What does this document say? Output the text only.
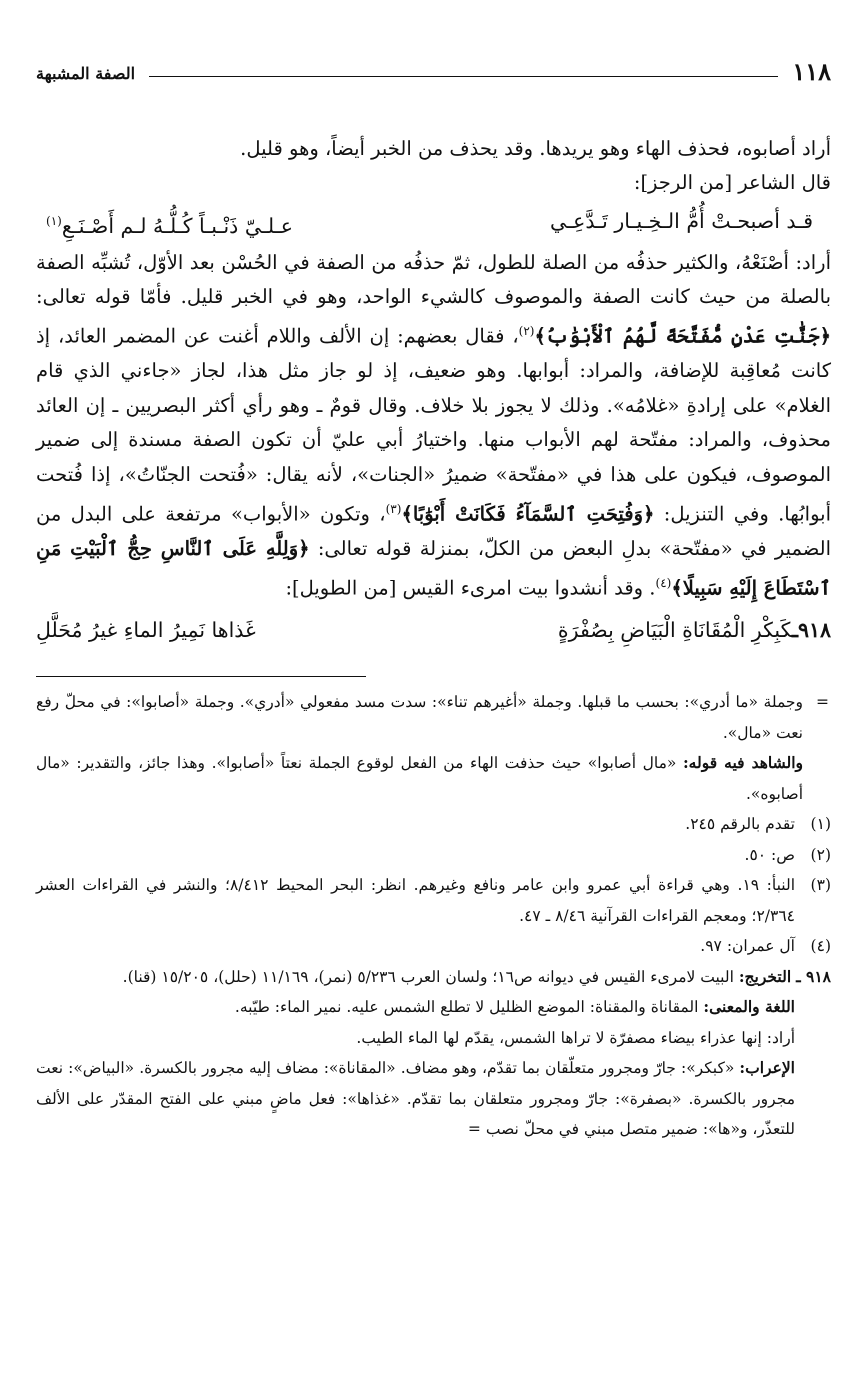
١١٨
الصفة المشبهة

أراد أصابوه، فحذف الهاء وهو يريدها. وقد يحذف من الخبر أيضاً، وهو قليل.

قال الشاعر [من الرجز]:

قـد أصبحـتْ أُمُّ الـخِـيـار تَـدَّعِـي
عـلـيّ ذَنْـبـاً كُـلُّـهُ لـم أَصْـنَـعِ$^{(١)}$

أراد: أصْنَعْهُ، والكثير حذفُه من الصلة للطول، ثمّ حذفُه من الصفة في الحُسْن بعد الأوّل، تُشبِّه الصفة بالصلة من حيث كانت الصفة والموصوف كالشيء الواحد، وهو في الخبر قليل. فأمّا قوله تعالى: ﴿جَنَّٰتِ عَدْنٍ مُّفَتَّحَةً لَّهُمُ ٱلْأَبْوَٰبُ﴾$^{(٢)}$، فقال بعضهم: إن الألف واللام أغنت عن المضمر العائد، إذ كانت مُعاقِبة للإضافة، والمراد: أبوابها. وهو ضعيف، إذ لو جاز مثل هذا، لجاز «جاءني الذي قام الغلام» على إرادةِ «غلامُه». وذلك لا يجوز بلا خلاف. وقال قومٌ ـ وهو رأي أكثر البصريين ـ إن العائد محذوف، والمراد: مفتّحة لهم الأبواب منها. واختيارُ أبي عليّ أن تكون الصفة مسندة إلى ضمير الموصوف، فيكون على هذا في «مفتّحة» ضميرُ «الجنات»، لأنه يقال: «فُتحت الجنّاتُ»، إذا فُتحت أبوابُها. وفي التنزيل: ﴿وَفُتِحَتِ ٱلسَّمَآءُ فَكَانَتْ أَبْوَٰبًا﴾$^{(٣)}$، وتكون «الأبواب» مرتفعة على البدل من الضمير في «مفتّحة» بدلِ البعض من الكلّ، بمنزلة قوله تعالى: ﴿وَلِلَّهِ عَلَى ٱلنَّاسِ حِجُّ ٱلْبَيْتِ مَنِ ٱسْتَطَاعَ إِلَيْهِ سَبِيلًا﴾$^{(٤)}$. وقد أنشدوا بيت امرىء القيس [من الطويل]:

٩١٨ـكَبِكْرِ الْمُقَانَاةِ الْبَيَاضِ بِصُفْرَةٍ
غَذاها نَمِيرُ الماءِ غيرُ مُحَلَّلِ

=
وجملة «ما أدري»: بحسب ما قبلها. وجملة «أغيرهم تناء»: سدت مسد مفعولي «أدري». وجملة «أصابوا»: في محلّ رفع نعت «مال».

والشاهد فيه قوله: «مال أصابوا» حيث حذفت الهاء من الفعل لوقوع الجملة نعتاً «أصابوا». وهذا جائز، والتقدير: «مال أصابوه».

(١)
تقدم بالرقم ٢٤٥.
(٢)
ص: ٥٠.
(٣)
النبأ: ١٩. وهي قراءة أبي عمرو وابن عامر ونافع وغيرهم. انظر: البحر المحيط ٨/٤١٢؛ والنشر في القراءات العشر ٢/٣٦٤؛ ومعجم القراءات القرآنية ٨/٤٦ ـ ٤٧.
(٤)
آل عمران: ٩٧.

٩١٨ ـ التخريج: البيت لامرىء القيس في ديوانه ص١٦؛ ولسان العرب ٥/٢٣٦ (نمر)، ١١/١٦٩ (حلل)، ١٥/٢٠٥ (قنا).

اللغة والمعنى: المقاناة والمقناة: الموضع الظليل لا تطلع الشمس عليه. نمير الماء: طيّبه.

أراد: إنها عذراء بيضاء مصفرّة لا تراها الشمس، يقدّم لها الماء الطيب.

الإعراب: «كبكر»: جارّ ومجرور متعلّقان بما تقدّم، وهو مضاف. «المقاناة»: مضاف إليه مجرور بالكسرة. «البياض»: نعت مجرور بالكسرة. «بصفرة»: جارّ ومجرور متعلقان بما تقدّم. «غذاها»: فعل ماضٍ مبني على الفتح المقدّر على الألف للتعذّر، و«ها»: ضمير متصل مبني في محلّ نصب =
